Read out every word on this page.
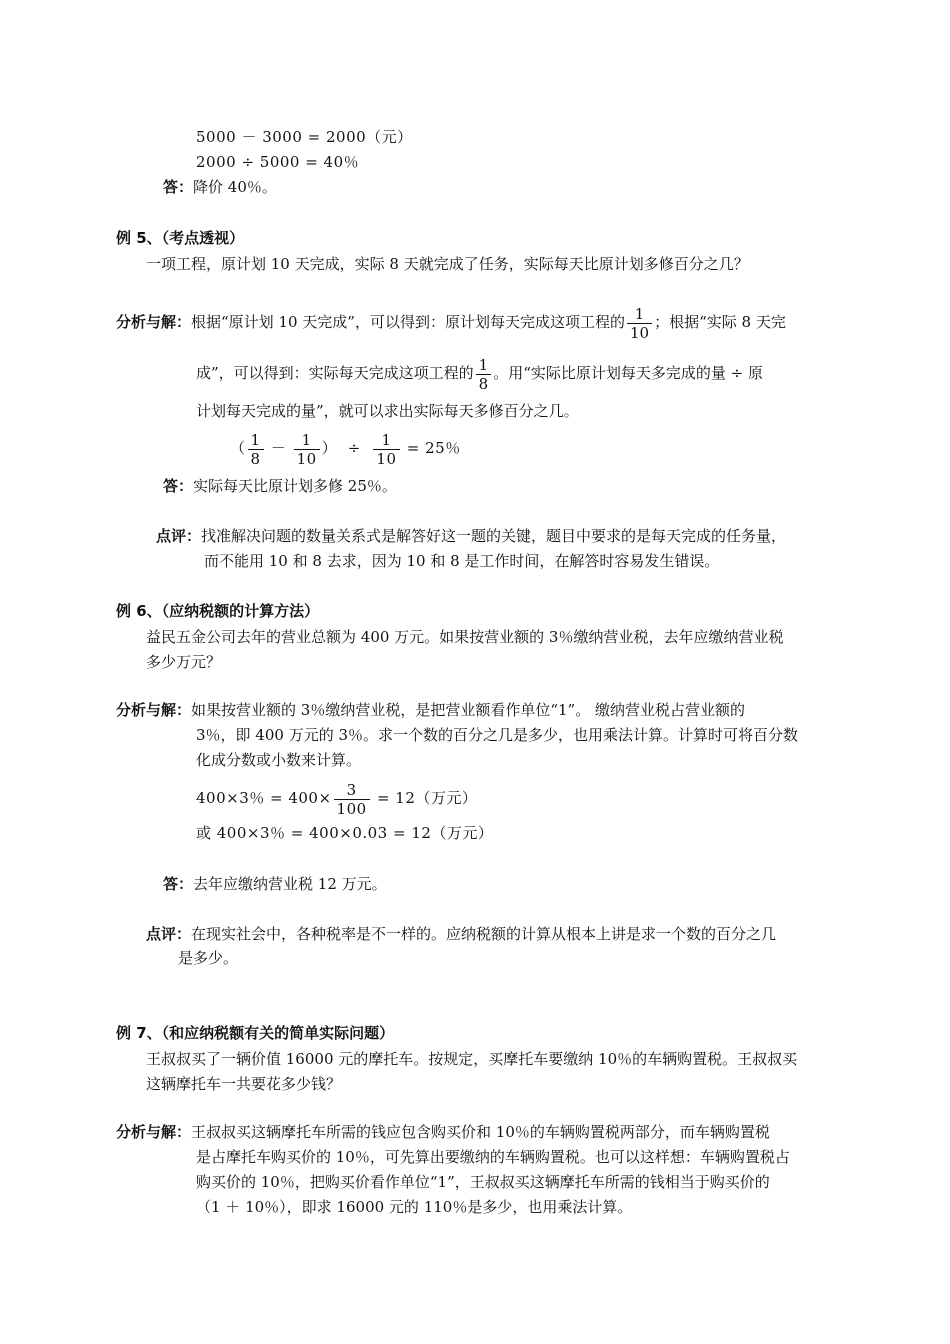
5000 － 3000 = 2000（元）
2000 ÷ 5000 = 40％
答：降价 40％。
例 5、（考点透视）
一项工程，原计划 10 天完成，实际 8 天就完成了任务，实际每天比原计划多修百分之几？
分析与解：根据“原计划 10 天完成”，可以得到：原计划每天完成这项工程的 $\frac{1}{10}$ ；根据“实际 8 天完
成”，可以得到：实际每天完成这项工程的 $\frac{1}{8}$ 。用“实际比原计划每天多完成的量 ÷ 原
计划每天完成的量”，就可以求出实际每天多修百分之几。
（ $\frac{1}{8} - \frac{1}{10}$ ） ÷ $\frac{1}{10} = 25$％
答：实际每天比原计划多修 25％。
点评：找准解决问题的数量关系式是解答好这一题的关键，题目中要求的是每天完成的任务量，
而不能用 10 和 8 去求，因为 10 和 8 是工作时间，在解答时容易发生错误。
例 6、（应纳税额的计算方法）
益民五金公司去年的营业总额为 400 万元。如果按营业额的 3％缴纳营业税，去年应缴纳营业税
多少万元？
分析与解：如果按营业额的 3％缴纳营业税，是把营业额看作单位“1”。 缴纳营业税占营业额的
3％，即 400 万元的 3％。求一个数的百分之几是多少，也用乘法计算。计算时可将百分数
化成分数或小数来计算。
400×3％ = $400\times \frac{3}{100} = 12$（万元）
或 400×3％ = 400×0.03 = 12（万元）
答：去年应缴纳营业税 12 万元。
点评：在现实社会中，各种税率是不一样的。应纳税额的计算从根本上讲是求一个数的百分之几
是多少。
例 7、（和应纳税额有关的简单实际问题）
王叔叔买了一辆价值 16000 元的摩托车。按规定，买摩托车要缴纳 10％的车辆购置税。王叔叔买
这辆摩托车一共要花多少钱？
分析与解：王叔叔买这辆摩托车所需的钱应包含购买价和 10％的车辆购置税两部分，而车辆购置税
是占摩托车购买价的 10％，可先算出要缴纳的车辆购置税。也可以这样想：车辆购置税占
购买价的 10％，把购买价看作单位“1”，王叔叔买这辆摩托车所需的钱相当于购买价的
（1 ＋ 10％），即求 16000 元的 110％是多少，也用乘法计算。
